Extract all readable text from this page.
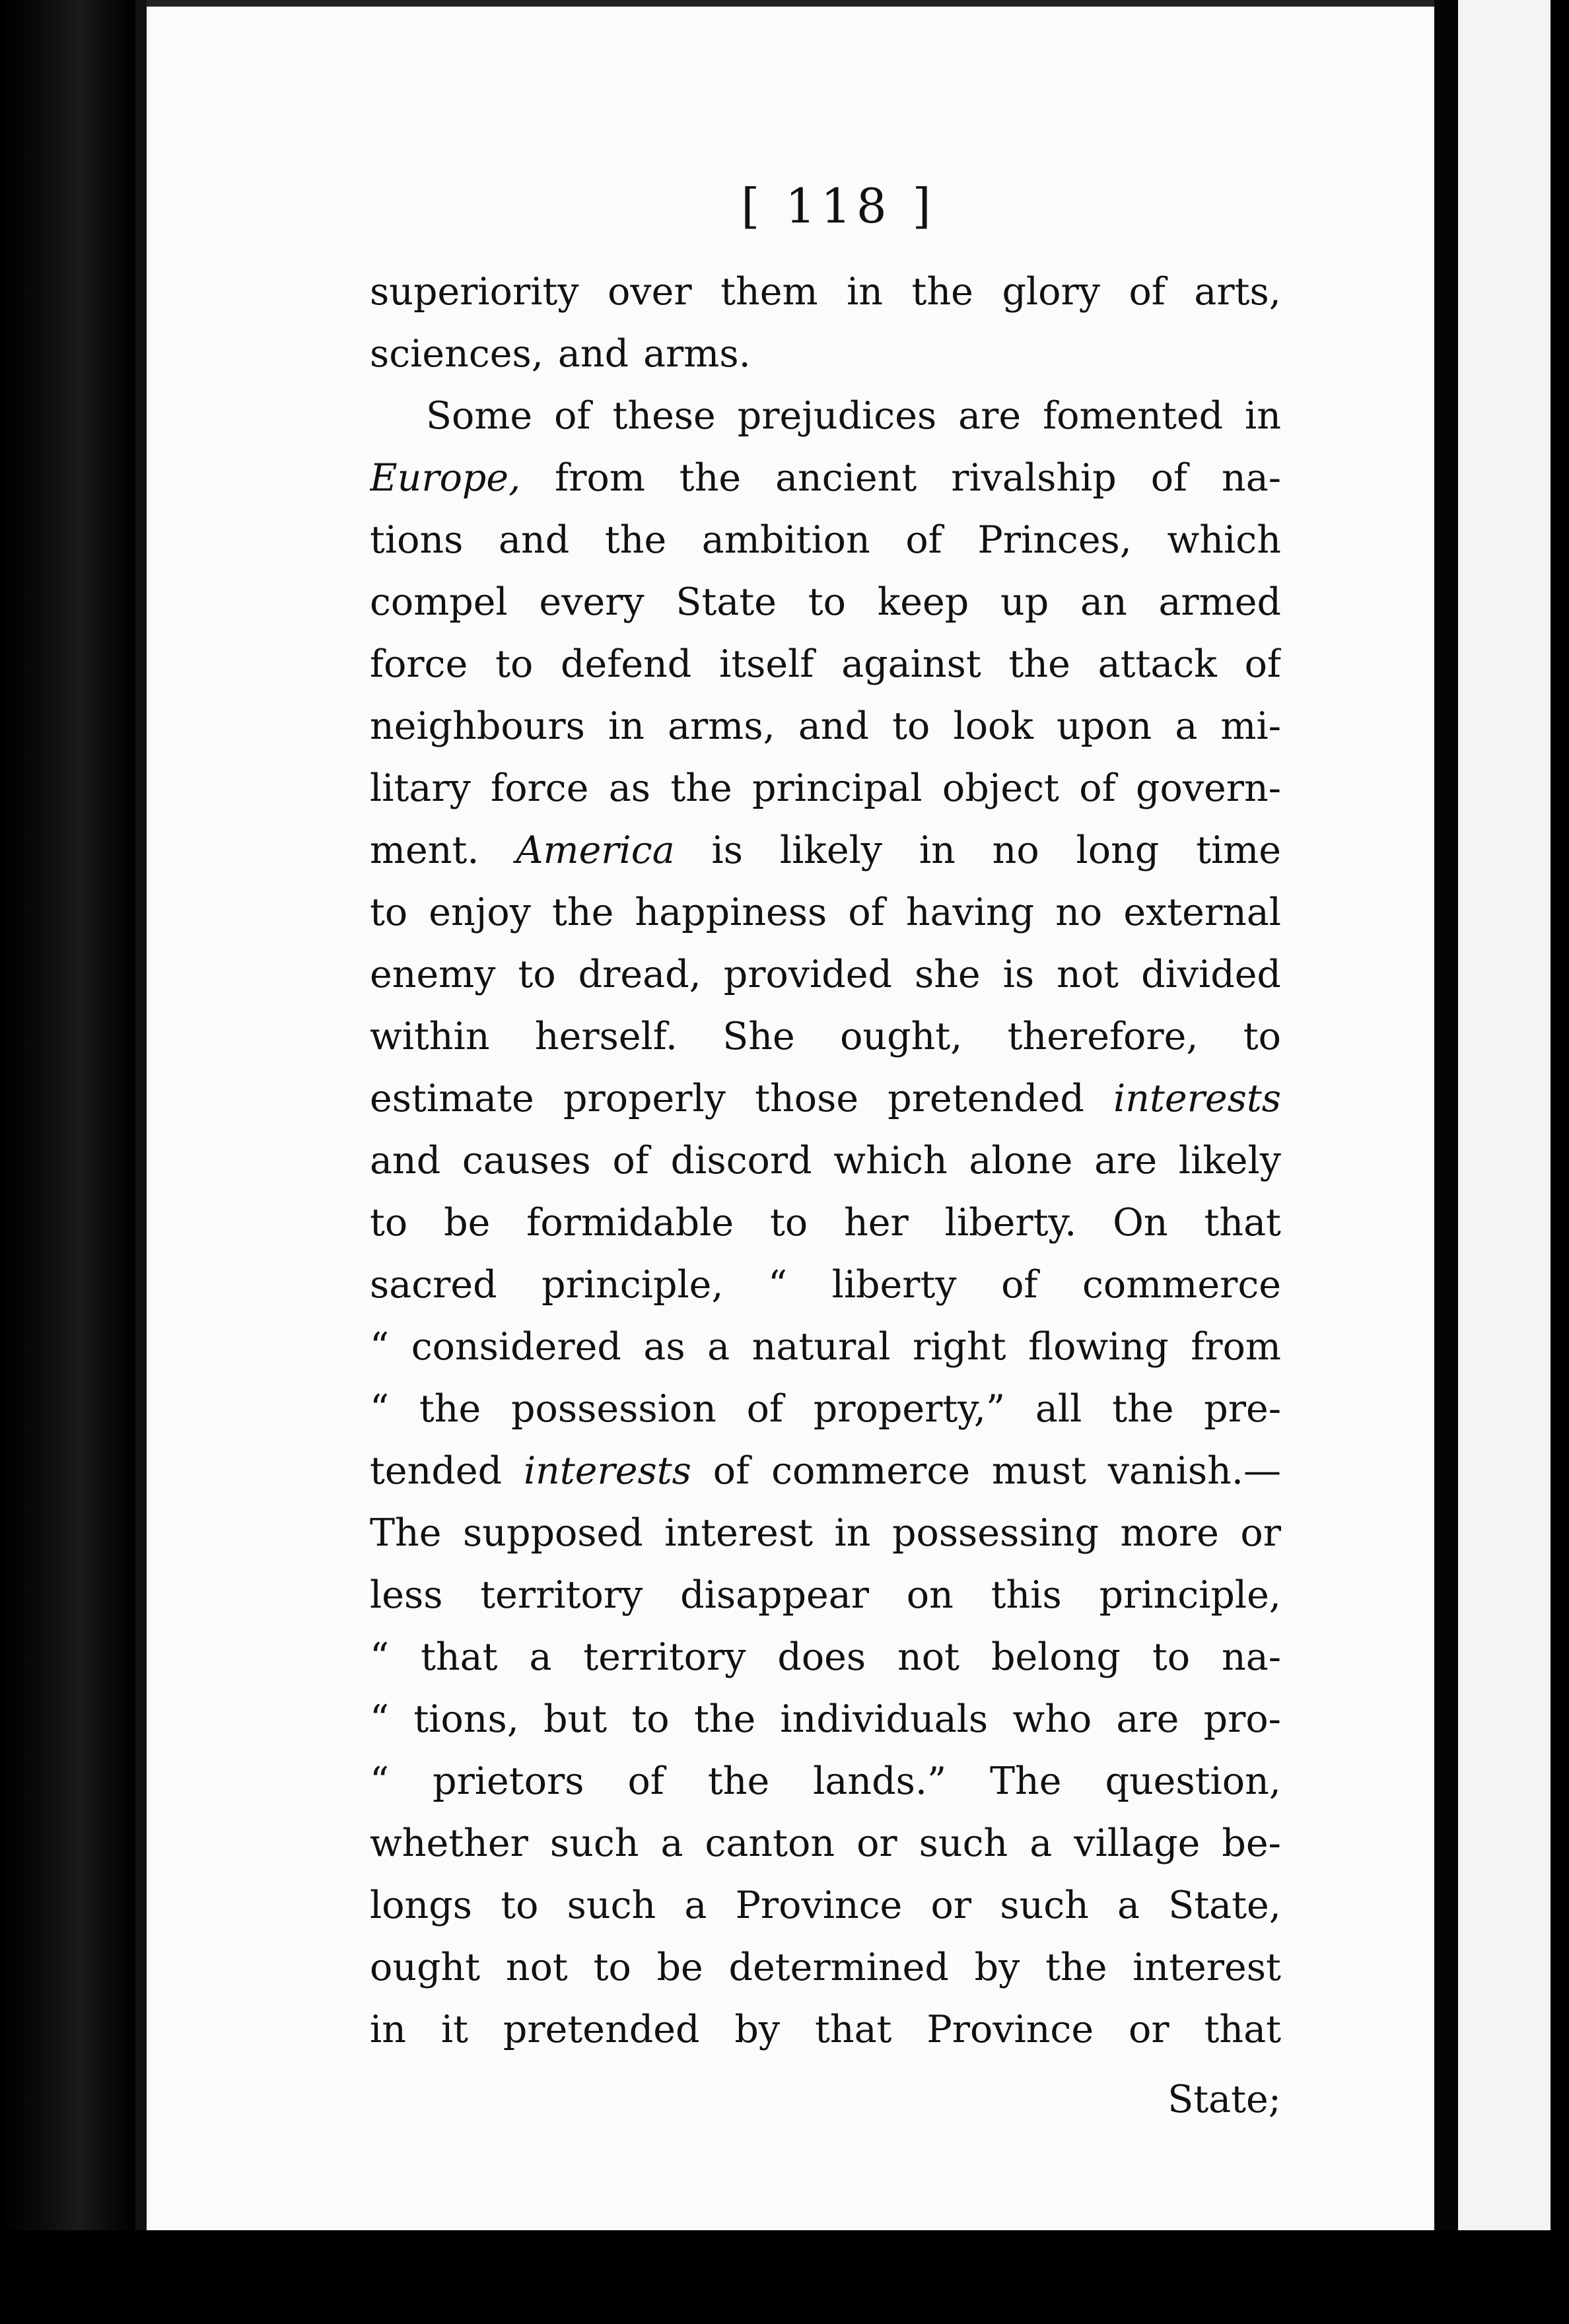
[ 118 ]
superiority over them in the glory of arts,
sciences, and arms.
Some of these prejudices are fomented in
Europe, from the ancient rivalship of na-
tions and the ambition of Princes, which
compel every State to keep up an armed
force to defend itself against the attack of
neighbours in arms, and to look upon a mi-
litary force as the principal object of govern-
ment. America is likely in no long time
to enjoy the happiness of having no external
enemy to dread, provided she is not divided
within herself. She ought, therefore, to
estimate properly those pretended interests
and causes of discord which alone are likely
to be formidable to her liberty. On that
sacred principle, “ liberty of commerce
“ considered as a natural right flowing from
“ the possession of property,” all the pre-
tended interests of commerce must vanish.—
The supposed interest in possessing more or
less territory disappear on this principle,
“ that a territory does not belong to na-
“ tions, but to the individuals who are pro-
“ prietors of the lands.” The question,
whether such a canton or such a village be-
longs to such a Province or such a State,
ought not to be determined by the interest
in it pretended by that Province or that
State;
